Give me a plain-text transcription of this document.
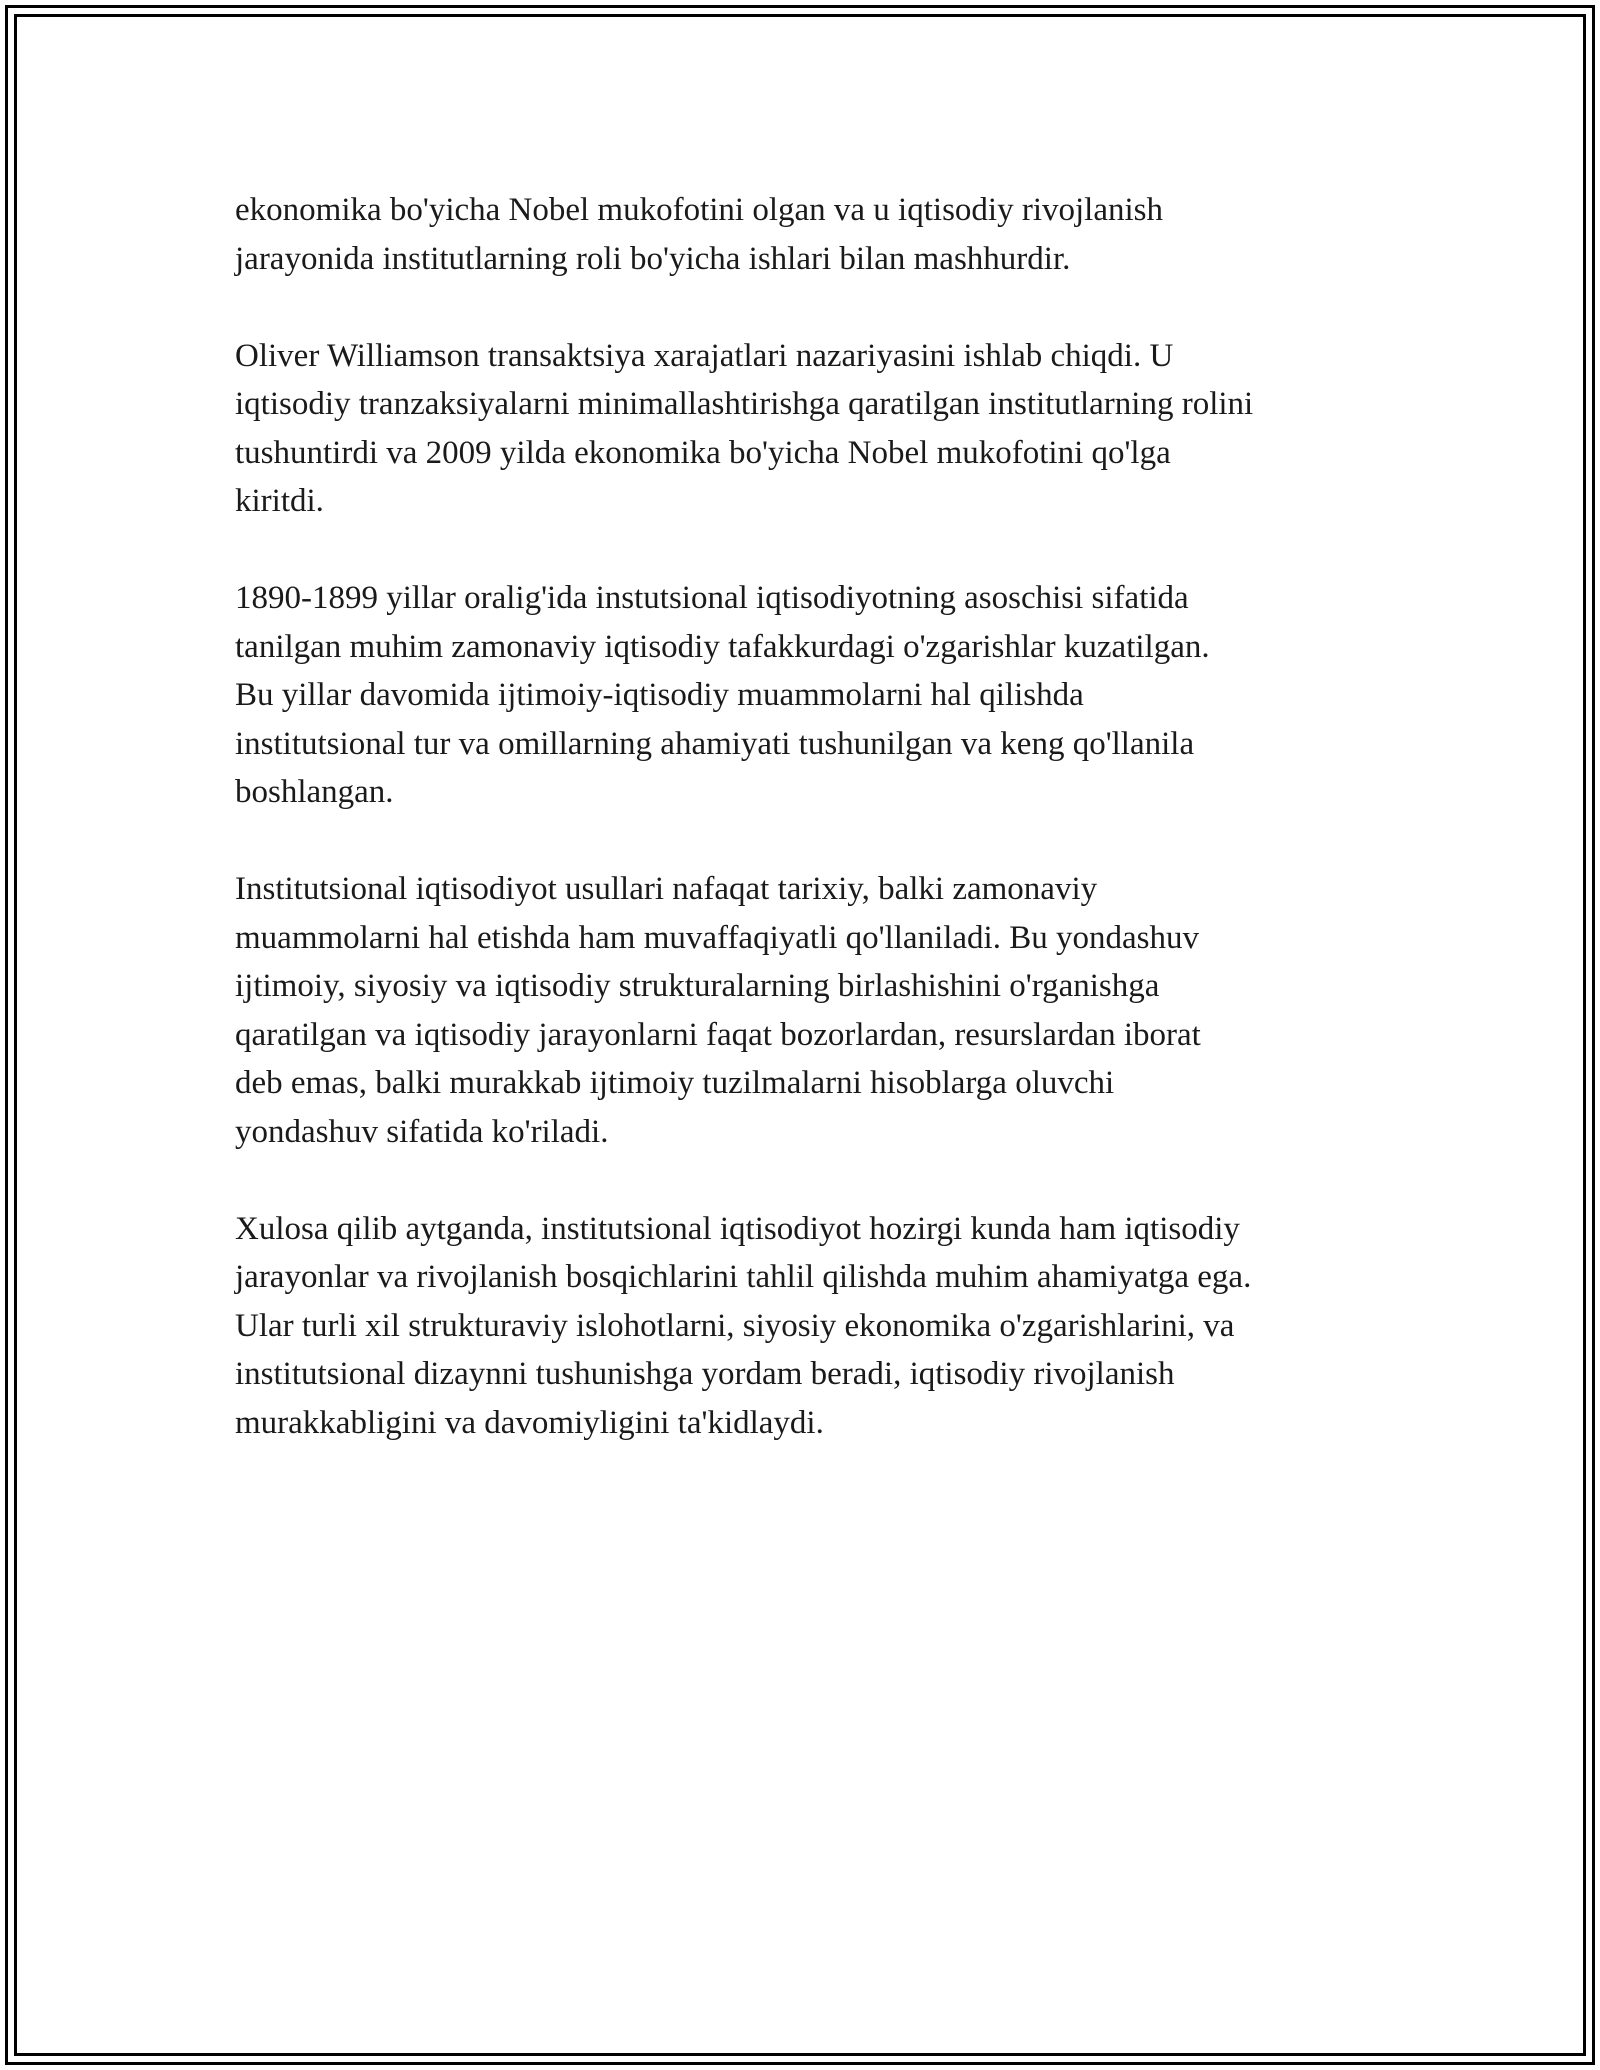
ekonomika bo'yicha Nobel mukofotini olgan va u iqtisodiy rivojlanish
jarayonida institutlarning roli bo'yicha ishlari bilan mashhurdir.

Oliver Williamson transaktsiya xarajatlari nazariyasini ishlab chiqdi. U
iqtisodiy tranzaksiyalarni minimallashtirishga qaratilgan institutlarning rolini
tushuntirdi va 2009 yilda ekonomika bo'yicha Nobel mukofotini qo'lga
kiritdi.

1890-1899 yillar oralig'ida instutsional iqtisodiyotning asoschisi sifatida
tanilgan muhim zamonaviy iqtisodiy tafakkurdagi o'zgarishlar kuzatilgan.
Bu yillar davomida ijtimoiy-iqtisodiy muammolarni hal qilishda
institutsional tur va omillarning ahamiyati tushunilgan va keng qo'llanila
boshlangan.

Institutsional iqtisodiyot usullari nafaqat tarixiy, balki zamonaviy
muammolarni hal etishda ham muvaffaqiyatli qo'llaniladi. Bu yondashuv
ijtimoiy, siyosiy va iqtisodiy strukturalarning birlashishini o'rganishga
qaratilgan va iqtisodiy jarayonlarni faqat bozorlardan, resurslardan iborat
deb emas, balki murakkab ijtimoiy tuzilmalarni hisoblarga oluvchi
yondashuv sifatida ko'riladi.

Xulosa qilib aytganda, institutsional iqtisodiyot hozirgi kunda ham iqtisodiy
jarayonlar va rivojlanish bosqichlarini tahlil qilishda muhim ahamiyatga ega.
Ular turli xil strukturaviy islohotlarni, siyosiy ekonomika o'zgarishlarini, va
institutsional dizaynni tushunishga yordam beradi, iqtisodiy rivojlanish
murakkabligini va davomiyligini ta'kidlaydi.
